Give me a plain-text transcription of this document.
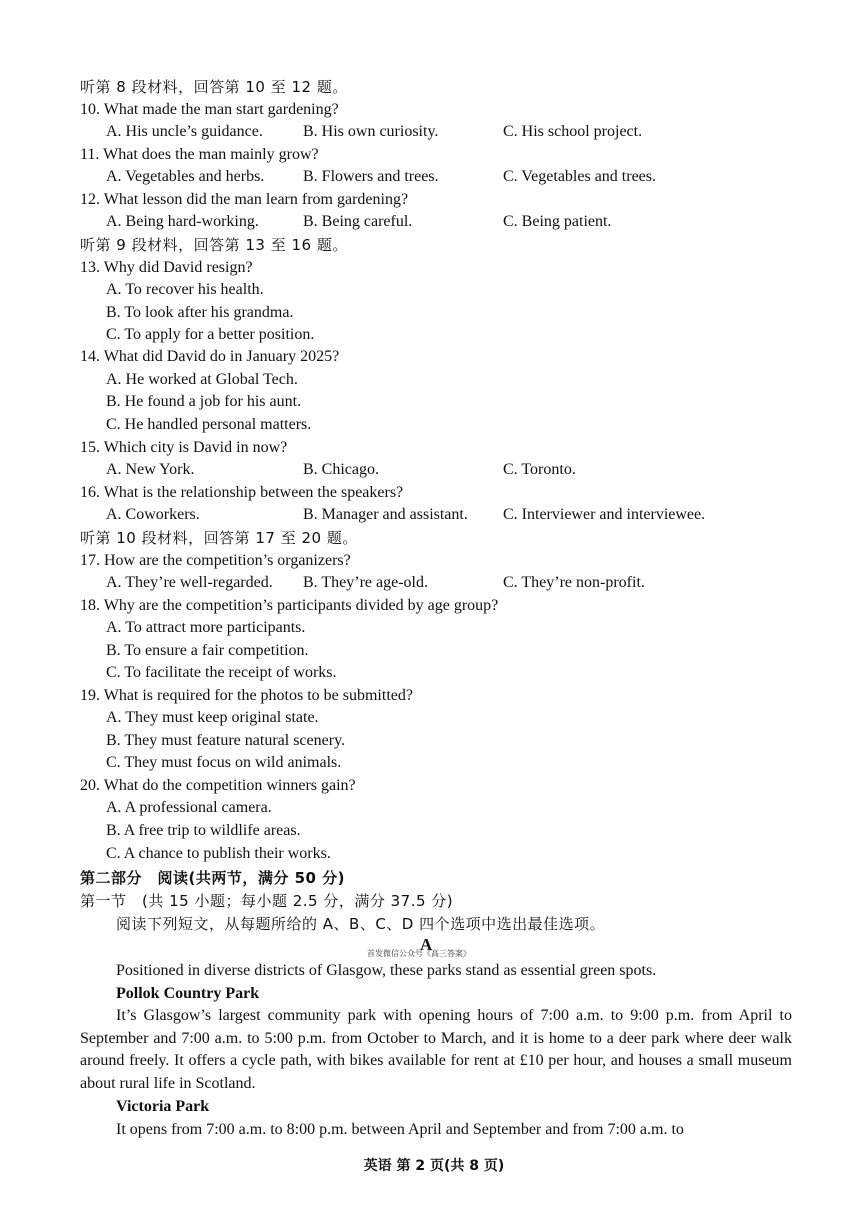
听第 8 段材料，回答第 10 至 12 题。
10. What made the man start gardening?
A. His uncle’s guidance.	B. His own curiosity.	C. His school project.
11. What does the man mainly grow?
A. Vegetables and herbs.	B. Flowers and trees.	C. Vegetables and trees.
12. What lesson did the man learn from gardening?
A. Being hard-working.	B. Being careful.	C. Being patient.
听第 9 段材料，回答第 13 至 16 题。
13. Why did David resign?
A. To recover his health.
B. To look after his grandma.
C. To apply for a better position.
14. What did David do in January 2025?
A. He worked at Global Tech.
B. He found a job for his aunt.
C. He handled personal matters.
15. Which city is David in now?
A. New York.	B. Chicago.	C. Toronto.
16. What is the relationship between the speakers?
A. Coworkers.	B. Manager and assistant.	C. Interviewer and interviewee.
听第 10 段材料，回答第 17 至 20 题。
17. How are the competition’s organizers?
A. They’re well-regarded.	B. They’re age-old.	C. They’re non-profit.
18. Why are the competition’s participants divided by age group?
A. To attract more participants.
B. To ensure a fair competition.
C. To facilitate the receipt of works.
19. What is required for the photos to be submitted?
A. They must keep original state.
B. They must feature natural scenery.
C. They must focus on wild animals.
20. What do the competition winners gain?
A. A professional camera.
B. A free trip to wildlife areas.
C. A chance to publish their works.
第二部分　阅读(共两节，满分 50 分)
第一节　(共 15 小题；每小题 2.5 分，满分 37.5 分)
阅读下列短文，从每题所给的 A、B、C、D 四个选项中选出最佳选项。
A
首发微信公众号《高三答案》
Positioned in diverse districts of Glasgow, these parks stand as essential green spots.
Pollok Country Park
It’s Glasgow’s largest community park with opening hours of 7:00 a.m. to 9:00 p.m. from April to September and 7:00 a.m. to 5:00 p.m. from October to March, and it is home to a deer park where deer walk around freely. It offers a cycle path, with bikes available for rent at £10 per hour, and houses a small museum about rural life in Scotland.
Victoria Park
It opens from 7:00 a.m. to 8:00 p.m. between April and September and from 7:00 a.m. to
英语 第 2 页(共 8 页)
